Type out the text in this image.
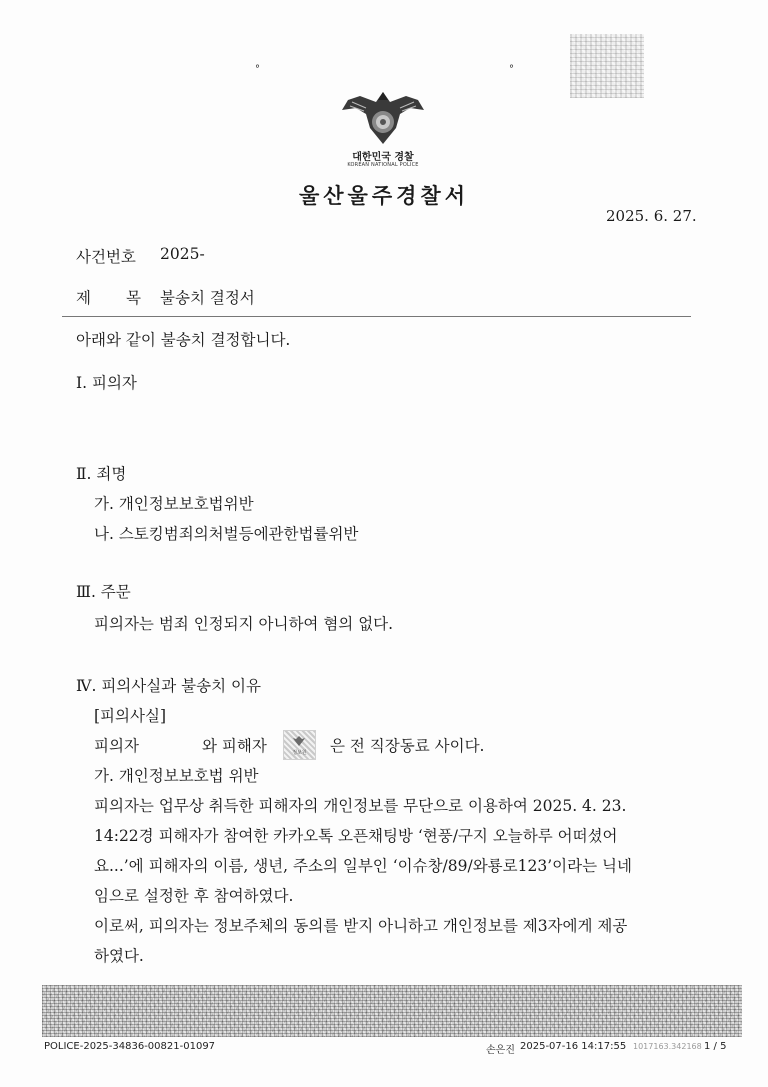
°	°
대한민국 경찰
KOREAN NATIONAL POLICE
울산울주경찰서
2025. 6. 27.
사건번호 2025-
제 목 불송치 결정서
아래와 같이 불송치 결정합니다.
Ⅰ. 피의자
Ⅱ. 죄명
가. 개인정보보호법위반
나. 스토킹범죄의처벌등에관한법률위반
Ⅲ. 주문
피의자는 범죄 인정되지 아니하여 혐의 없다.
Ⅳ. 피의사실과 불송치 이유
[피의사실]
피의자	와 피해자	정보원	은 전 직장동료 사이다.
가. 개인정보보호법 위반
피의자는 업무상 취득한 피해자의 개인정보를 무단으로 이용하여 2025. 4. 23.
14:22경 피해자가 참여한 카카오톡 오픈채팅방 ‘현풍/구지 오늘하루 어떠셨어
요...’에 피해자의 이름, 생년, 주소의 일부인 ‘이슈창/89/와룡로123’이라는 닉네
임으로 설정한 후 참여하였다.
이로써, 피의자는 정보주체의 동의를 받지 아니하고 개인정보를 제3자에게 제공
하였다.
POLICE-2025-34836-00821-01097	손은진 2025-07-16 14:17:55 1017163.342168 1 / 5
